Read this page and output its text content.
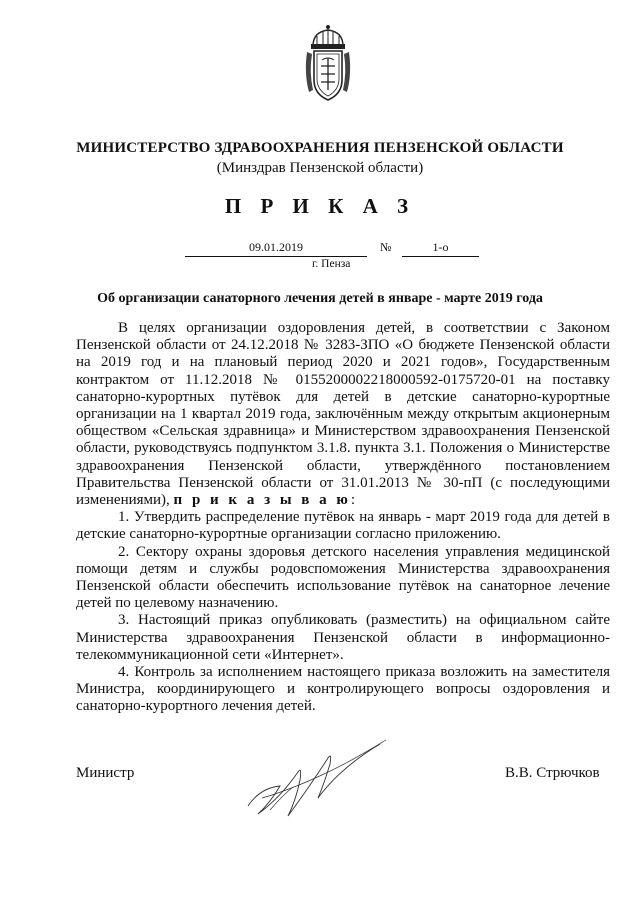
МИНИСТЕРСТВО ЗДРАВООХРАНЕНИЯ ПЕНЗЕНСКОЙ ОБЛАСТИ
(Минздрав Пензенской области)
П Р И К А З
09.01.2019	№	1-о
г. Пенза
Об организации санаторного лечения детей в январе - марте 2019 года

В целях организации оздоровления детей, в соответствии с Законом Пензенской области от 24.12.2018 № 3283-ЗПО «О бюджете Пензенской области на 2019 год и на плановый период 2020 и 2021 годов», Государственным контрактом от 11.12.2018 № 0155200002218000592-0175720-01 на поставку санаторно-курортных путёвок для детей в детские санаторно-курортные организации на 1 квартал 2019 года, заключённым между открытым акционерным обществом «Сельская здравница» и Министерством здравоохранения Пензенской области, руководствуясь подпунктом 3.1.8. пункта 3.1. Положения о Министерстве здравоохранения Пензенской области, утверждённого постановлением Правительства Пензенской области от 31.01.2013 № 30-пП (с последующими изменениями), п р и к а з ы в а ю:

1. Утвердить распределение путёвок на январь - март 2019 года для детей в детские санаторно-курортные организации согласно приложению.

2. Сектору охраны здоровья детского населения управления медицинской помощи детям и службы родовспоможения Министерства здравоохранения Пензенской области обеспечить использование путёвок на санаторное лечение детей по целевому назначению.

3. Настоящий приказ опубликовать (разместить) на официальном сайте Министерства здравоохранения Пензенской области в информационно-телекоммуникационной сети «Интернет».

4. Контроль за исполнением настоящего приказа возложить на заместителя Министра, координирующего и контролирующего вопросы оздоровления и санаторно-курортного лечения детей.

Министр	В.В. Стрючков
